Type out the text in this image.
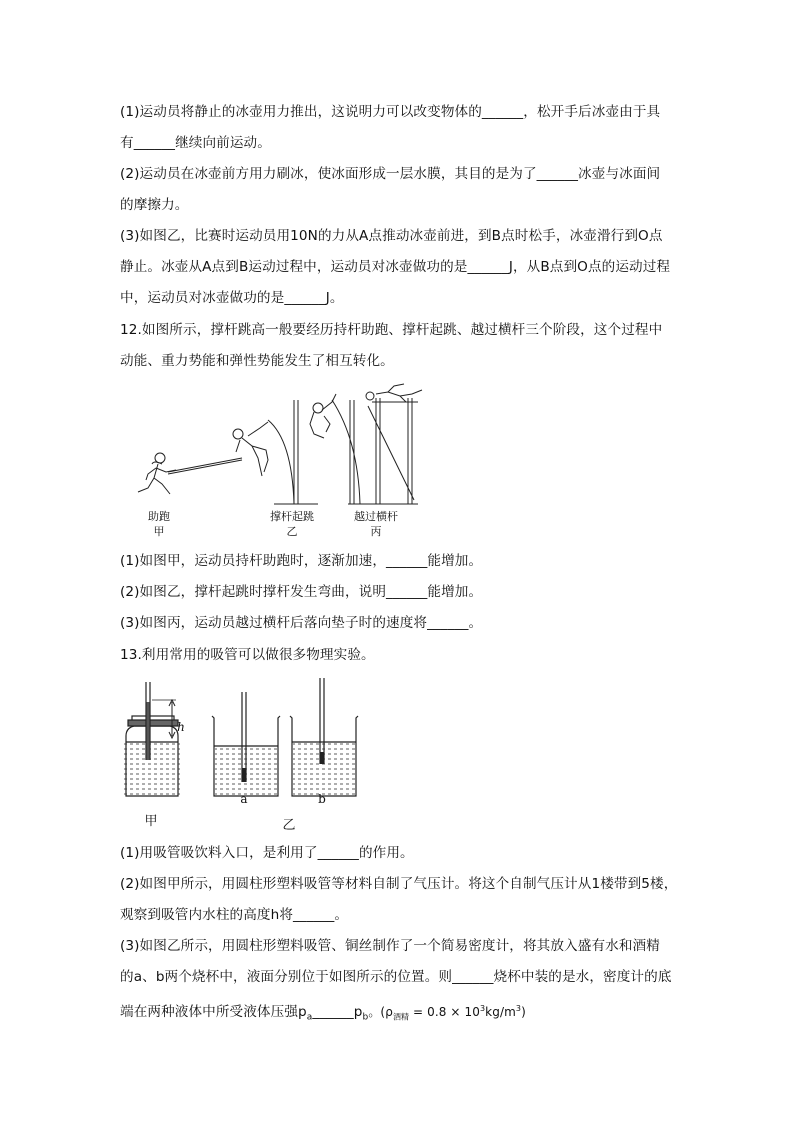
(1)运动员将静止的冰壶用力推出，这说明力可以改变物体的______，松开手后冰壶由于具
有______继续向前运动。
(2)运动员在冰壶前方用力刷冰，使冰面形成一层水膜，其目的是为了______冰壶与冰面间
的摩擦力。
(3)如图乙，比赛时运动员用10N的力从A点推动冰壶前进，到B点时松手，冰壶滑行到O点
静止。冰壶从A点到B运动过程中，运动员对冰壶做功的是______J，从B点到O点的运动过程
中，运动员对冰壶做功的是______J。
12.如图所示，撑杆跳高一般要经历持杆助跑、撑杆起跳、越过横杆三个阶段，这个过程中
动能、重力势能和弹性势能发生了相互转化。
助跑
甲
撑杆起跳
乙
越过横杆
丙
(1)如图甲，运动员持杆助跑时，逐渐加速，______能增加。
(2)如图乙，撑杆起跳时撑杆发生弯曲，说明______能增加。
(3)如图丙，运动员越过横杆后落向垫子时的速度将______。
13.利用常用的吸管可以做很多物理实验。
h
甲
a	b
乙
(1)用吸管吸饮料入口，是利用了______的作用。
(2)如图甲所示，用圆柱形塑料吸管等材料自制了气压计。将这个自制气压计从1楼带到5楼，
观察到吸管内水柱的高度h将______。
(3)如图乙所示，用圆柱形塑料吸管、铜丝制作了一个简易密度计，将其放入盛有水和酒精
的a、b两个烧杯中，液面分别位于如图所示的位置。则______烧杯中装的是水，密度计的底
端在两种液体中所受液体压强$p_a\_\_\_\_\_\_p_b$。$(\rho_{酒精} = 0.8 \times 10^3kg/m^3)$
